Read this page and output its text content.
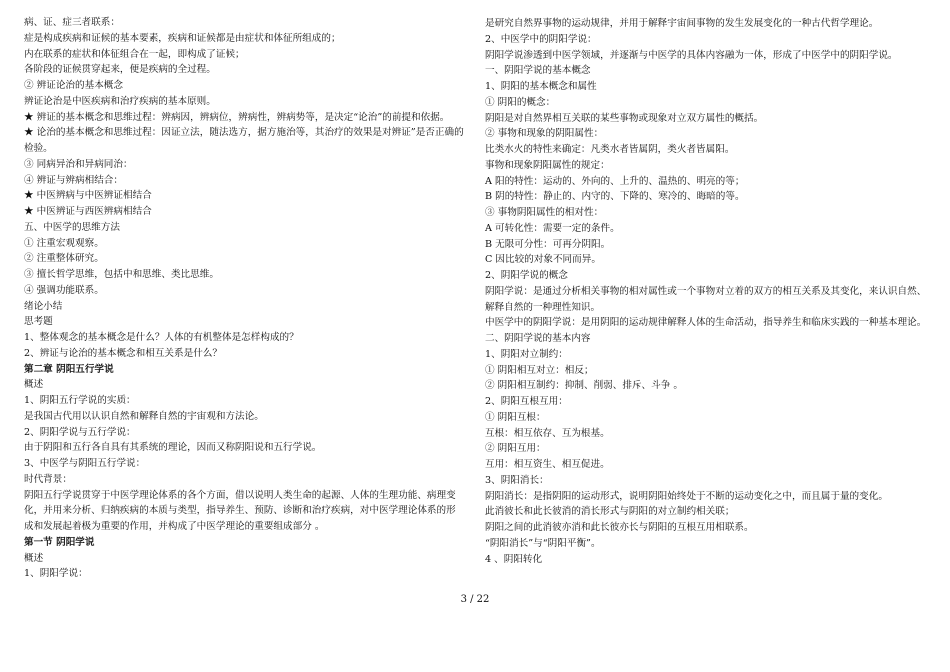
病、证、症三者联系：

症是构成疾病和证候的基本要素，疾病和证候都是由症状和体征所组成的；

内在联系的症状和体征组合在一起，即构成了证候；

各阶段的证候贯穿起来，便是疾病的全过程。

② 辨证论治的基本概念

辨证论治是中医疾病和治疗疾病的基本原则。

★ 辨证的基本概念和思维过程：辨病因，辨病位，辨病性，辨病势等，是决定“论治”的前提和依据。

★ 论治的基本概念和思维过程：因证立法，随法选方，据方施治等，其治疗的效果是对辨证”是否正确的检验。

③ 同病异治和异病同治：

④ 辨证与辨病相结合：

★ 中医辨病与中医辨证相结合

★ 中医辨证与西医辨病相结合

五、中医学的思维方法

① 注重宏观观察。

② 注重整体研究。

③ 擅长哲学思维，包括中和思维、类比思维。

④ 强调功能联系。

绪论小结

思考题

1、整体观念的基本概念是什么？人体的有机整体是怎样构成的？

2、辨证与论治的基本概念和相互关系是什么？

第二章 阴阳五行学说

概述

1、阴阳五行学说的实质：

是我国古代用以认识自然和解释自然的宇宙观和方法论。

2、阴阳学说与五行学说：

由于阴阳和五行各自具有其系统的理论，因而又称阴阳说和五行学说。

3、中医学与阴阳五行学说：

时代背景：

阴阳五行学说贯穿于中医学理论体系的各个方面，借以说明人类生命的起源、人体的生理功能、病理变化，并用来分析、归纳疾病的本质与类型，指导养生、预防、诊断和治疗疾病，对中医学理论体系的形成和发展起着极为重要的作用，并构成了中医学理论的重要组成部分 。

第一节 阴阳学说

概述

1、阴阳学说：

是研究自然界事物的运动规律，并用于解释宇宙间事物的发生发展变化的一种古代哲学理论。

2、中医学中的阴阳学说：

阴阳学说渗透到中医学领域，并逐渐与中医学的具体内容融为一体，形成了中医学中的阴阳学说。

一、阴阳学说的基本概念

1、阴阳的基本概念和属性

① 阴阳的概念：

阴阳是对自然界相互关联的某些事物或现象对立双方属性的概括。

② 事物和现象的阴阳属性：

比类水火的特性来确定：凡类水者皆属阴，类火者皆属阳。

事物和现象阴阳属性的规定：

A 阳的特性：运动的、外向的、上升的、温热的、明亮的等；

B 阴的特性：静止的、内守的、下降的、寒冷的、晦暗的等。

③ 事物阴阳属性的相对性：

A 可转化性：需要一定的条件。

B 无限可分性：可再分阴阳。

C 因比较的对象不同而异。

2、阴阳学说的概念

阴阳学说：是通过分析相关事物的相对属性或一个事物对立着的双方的相互关系及其变化，来认识自然、解释自然的一种理性知识。

中医学中的阴阳学说：是用阴阳的运动规律解释人体的生命活动，指导养生和临床实践的一种基本理论。

二、阴阳学说的基本内容

1、阴阳对立制约：

① 阴阳相互对立：相反；

② 阴阳相互制约：抑制、削弱、排斥、斗争 。

2、阴阳互根互用：

① 阴阳互根：

互根：相互依存、互为根基。

② 阴阳互用：

互用：相互资生、相互促进。

3、阴阳消长：

阴阳消长：是指阴阳的运动形式，说明阴阳始终处于不断的运动变化之中，而且属于量的变化。

此消彼长和此长彼消的消长形式与阴阳的对立制约相关联；

阴阳之间的此消彼亦消和此长彼亦长与阴阳的互根互用相联系。

“阴阳消长”与“阴阳平衡”。

4 、阴阳转化

3 / 22
